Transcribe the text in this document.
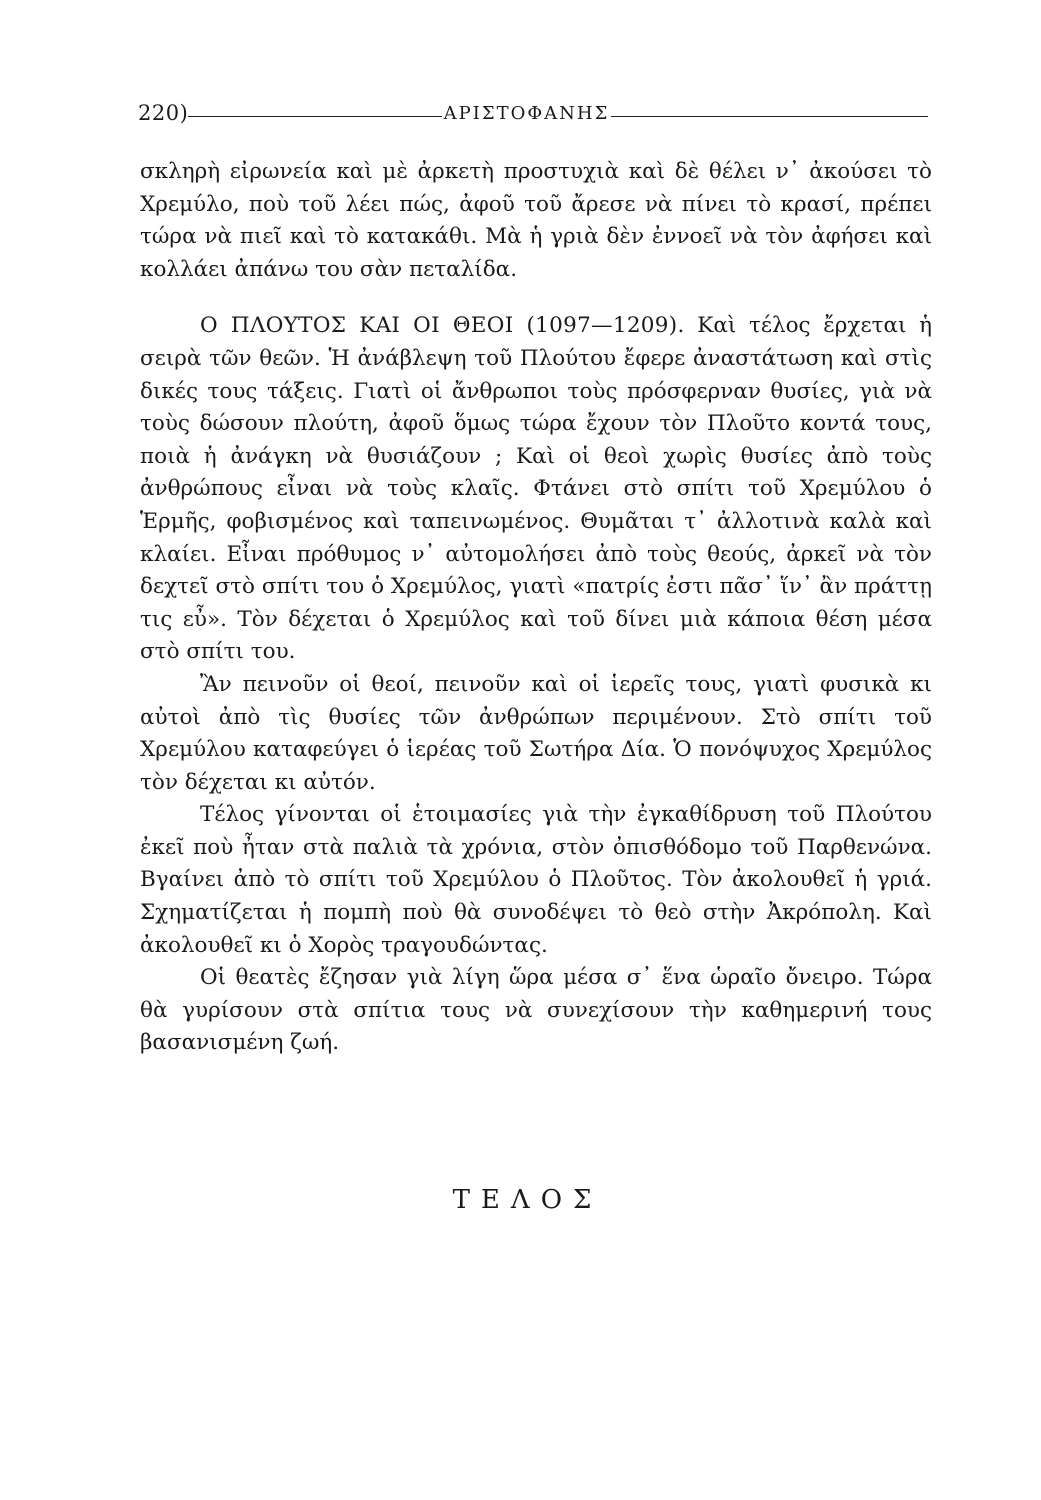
220)	ΑΡΙΣΤΟΦΑΝΗΣ

σκληρὴ εἰρωνεία καὶ μὲ ἀρκετὴ προστυχιὰ καὶ δὲ θέλει ν᾽ ἀκούσει τὸ Χρεμύλο, ποὺ τοῦ λέει πώς, ἀφοῦ τοῦ ἄρεσε νὰ πίνει τὸ κρασί, πρέπει τώρα νὰ πιεῖ καὶ τὸ κατακάθι. Μὰ ἡ γριὰ δὲν ἐννοεῖ νὰ τὸν ἀφήσει καὶ κολλάει ἀπάνω του σὰν πεταλίδα.

Ο ΠΛΟΥΤΟΣ ΚΑΙ ΟΙ ΘΕΟΙ (1097—1209). Καὶ τέλος ἔρχεται ἡ σειρὰ τῶν θεῶν. Ἡ ἀνάβλεψη τοῦ Πλούτου ἔφερε ἀναστάτωση καὶ στὶς δικές τους τάξεις. Γιατὶ οἱ ἄνθρωποι τοὺς πρόσφερναν θυσίες, γιὰ νὰ τοὺς δώσουν πλούτη, ἀφοῦ ὅμως τώρα ἔχουν τὸν Πλοῦτο κοντά τους, ποιὰ ἡ ἀνάγκη νὰ θυσιάζουν ; Καὶ οἱ θεοὶ χωρὶς θυσίες ἀπὸ τοὺς ἀνθρώπους εἶναι νὰ τοὺς κλαῖς. Φτάνει στὸ σπίτι τοῦ Χρεμύλου ὁ Ἑρμῆς, φοβισμένος καὶ ταπεινωμένος. Θυμᾶται τ᾽ ἀλλοτινὰ καλὰ καὶ κλαίει. Εἶναι πρόθυμος ν᾽ αὐτομολήσει ἀπὸ τοὺς θεούς, ἀρκεῖ νὰ τὸν δεχτεῖ στὸ σπίτι του ὁ Χρεμύλος, γιατὶ «πατρίς ἐστι πᾶσ᾽ ἵν᾽ ἂν πράττῃ τις εὖ». Τὸν δέχεται ὁ Χρεμύλος καὶ τοῦ δίνει μιὰ κάποια θέση μέσα στὸ σπίτι του.

Ἂν πεινοῦν οἱ θεοί, πεινοῦν καὶ οἱ ἱερεῖς τους, γιατὶ φυσικὰ κι αὐτοὶ ἀπὸ τὶς θυσίες τῶν ἀνθρώπων περιμένουν. Στὸ σπίτι τοῦ Χρεμύλου καταφεύγει ὁ ἱερέας τοῦ Σωτήρα Δία. Ὁ πονόψυχος Χρεμύλος τὸν δέχεται κι αὐτόν.

Τέλος γίνονται οἱ ἑτοιμασίες γιὰ τὴν ἐγκαθίδρυση τοῦ Πλούτου ἐκεῖ ποὺ ἦταν στὰ παλιὰ τὰ χρόνια, στὸν ὀπισθόδομο τοῦ Παρθενώνα. Βγαίνει ἀπὸ τὸ σπίτι τοῦ Χρεμύλου ὁ Πλοῦτος. Τὸν ἀκολουθεῖ ἡ γριά. Σχηματίζεται ἡ πομπὴ ποὺ θὰ συνοδέψει τὸ θεὸ στὴν Ἀκρόπολη. Καὶ ἀκολουθεῖ κι ὁ Χορὸς τραγουδώντας.

Οἱ θεατὲς ἔζησαν γιὰ λίγη ὥρα μέσα σ᾽ ἕνα ὡραῖο ὄνειρο. Τώρα θὰ γυρίσουν στὰ σπίτια τους νὰ συνεχίσουν τὴν καθημερινή τους βασανισμένη ζωή.

ΤΕΛΟΣ
